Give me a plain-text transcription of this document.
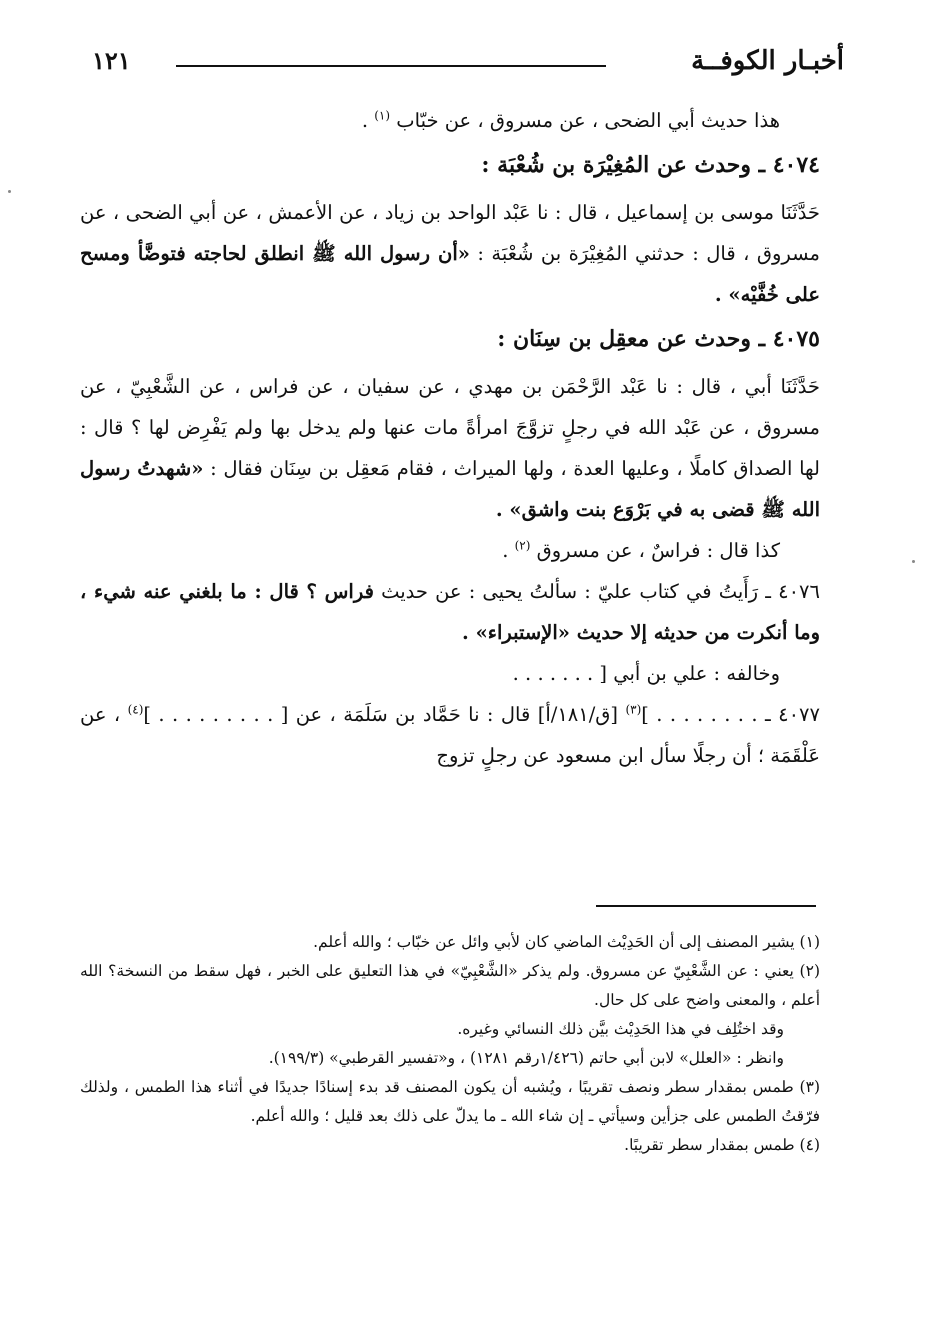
أخبـار الكوفــة
١٢١

هذا حديث أبي الضحى ، عن مسروق ، عن خبّاب $^{(١)}$ .

٤٠٧٤ ـ وحدث عن المُغِيْرَة بن شُعْبَة :

حَدَّثَنَا موسى بن إسماعيل ، قال : نا عَبْد الواحد بن زياد ، عن الأعمش ، عن أبي الضحى ، عن مسروق ، قال : حدثني المُغِيْرَة بن شُعْبَة : «أن رسول الله ﷺ انطلق لحاجته فتوضَّأ ومسح على خُفَّيْه» .

٤٠٧٥ ـ وحدث عن معقِل بن سِنَان :

حَدَّثَنَا أبي ، قال : نا عَبْد الرَّحْمَن بن مهدي ، عن سفيان ، عن فراس ، عن الشَّعْبِيّ ، عن مسروق ، عن عَبْد الله في رجلٍ تزوَّجَ امرأةً مات عنها ولم يدخل بها ولم يَفْرِض لها ؟ قال : لها الصداق كاملًا ، وعليها العدة ، ولها الميراث ، فقام مَعقِل بن سِنَان فقال : «شهدتُ رسول الله ﷺ قضى به في بَرْوَع بنت واشق» .

كذا قال : فراسٌ ، عن مسروق $^{(٢)}$ .

٤٠٧٦ ـ رَأَيتُ في كتاب عليّ : سألتُ يحيى : عن حديث فراس ؟ قال : ما بلغني عنه شيء ، وما أنكرت من حديثه إلا حديث «الإستبراء» .

وخالفه : علي بن أبي [ . . . . . . .

٤٠٧٧ ـ . . . . . . . . ]$^{(٣)}$ [ق/١٨١/أ] قال : نا حَمَّاد بن سَلَمَة ، عن [ . . . . . . . . . ]$^{(٤)}$ ، عن عَلْقَمَة ؛ أن رجلًا سأل ابن مسعود عن رجلٍ تزوج

(١) يشير المصنف إلى أن الحَدِيْث الماضي كان لأبي وائل عن خبّاب ؛ والله أعلم.

(٢) يعني : عن الشَّعْبِيّ عن مسروق. ولم يذكر «الشَّعْبِيّ» في هذا التعليق على الخبر ، فهل سقط من النسخة؟ الله أعلم ، والمعنى واضح على كل حال.

وقد اختُلِف في هذا الحَدِيْث بيَّن ذلك النسائي وغيره.

وانظر : «العلل» لابن أبي حاتم (١/٤٢٦رقم ١٢٨١) ، و«تفسير القرطبي» (١٩٩/٣).

(٣) طمس بمقدار سطر ونصف تقريبًا ، ويُشبه أن يكون المصنف قد بدء إسنادًا جديدًا في أثناء هذا الطمس ، ولذلك فرّقتُ الطمس على جزأين وسيأتي ـ إن شاء الله ـ ما يدلّ على ذلك بعد قليل ؛ والله أعلم.

(٤) طمس بمقدار سطر تقريبًا.
